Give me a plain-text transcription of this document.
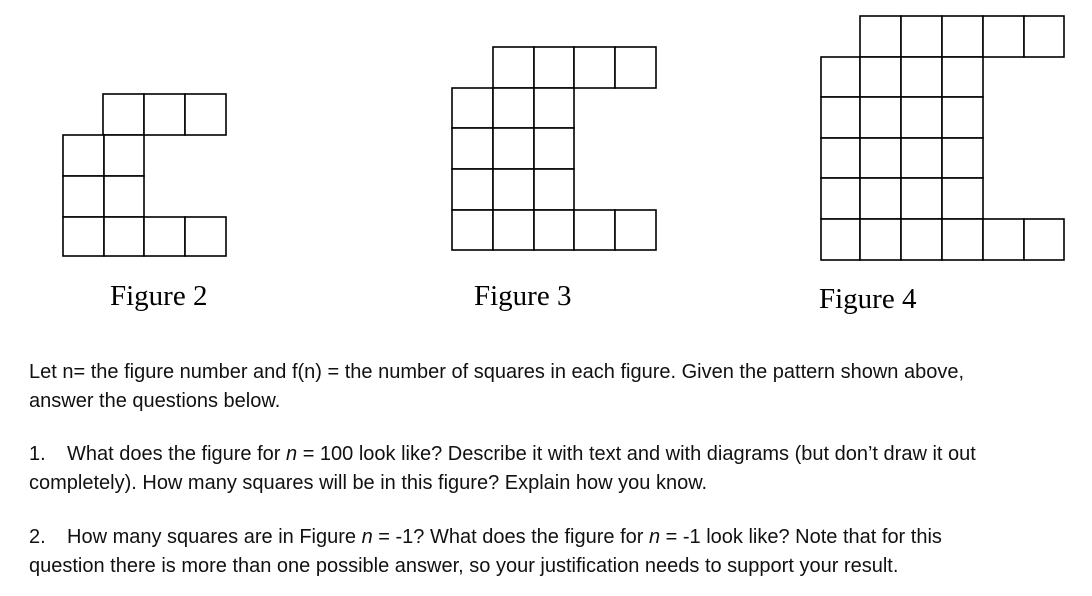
Figure 2	Figure 3	Figure 4

Let n= the figure number and f(n) = the number of squares in each figure. Given the pattern shown above,

answer the questions below.

1. What does the figure for n = 100 look like? Describe it with text and with diagrams (but don’t draw it out

completely). How many squares will be in this figure? Explain how you know.

2. How many squares are in Figure n = -1? What does the figure for n = -1 look like? Note that for this

question there is more than one possible answer, so your justification needs to support your result.
